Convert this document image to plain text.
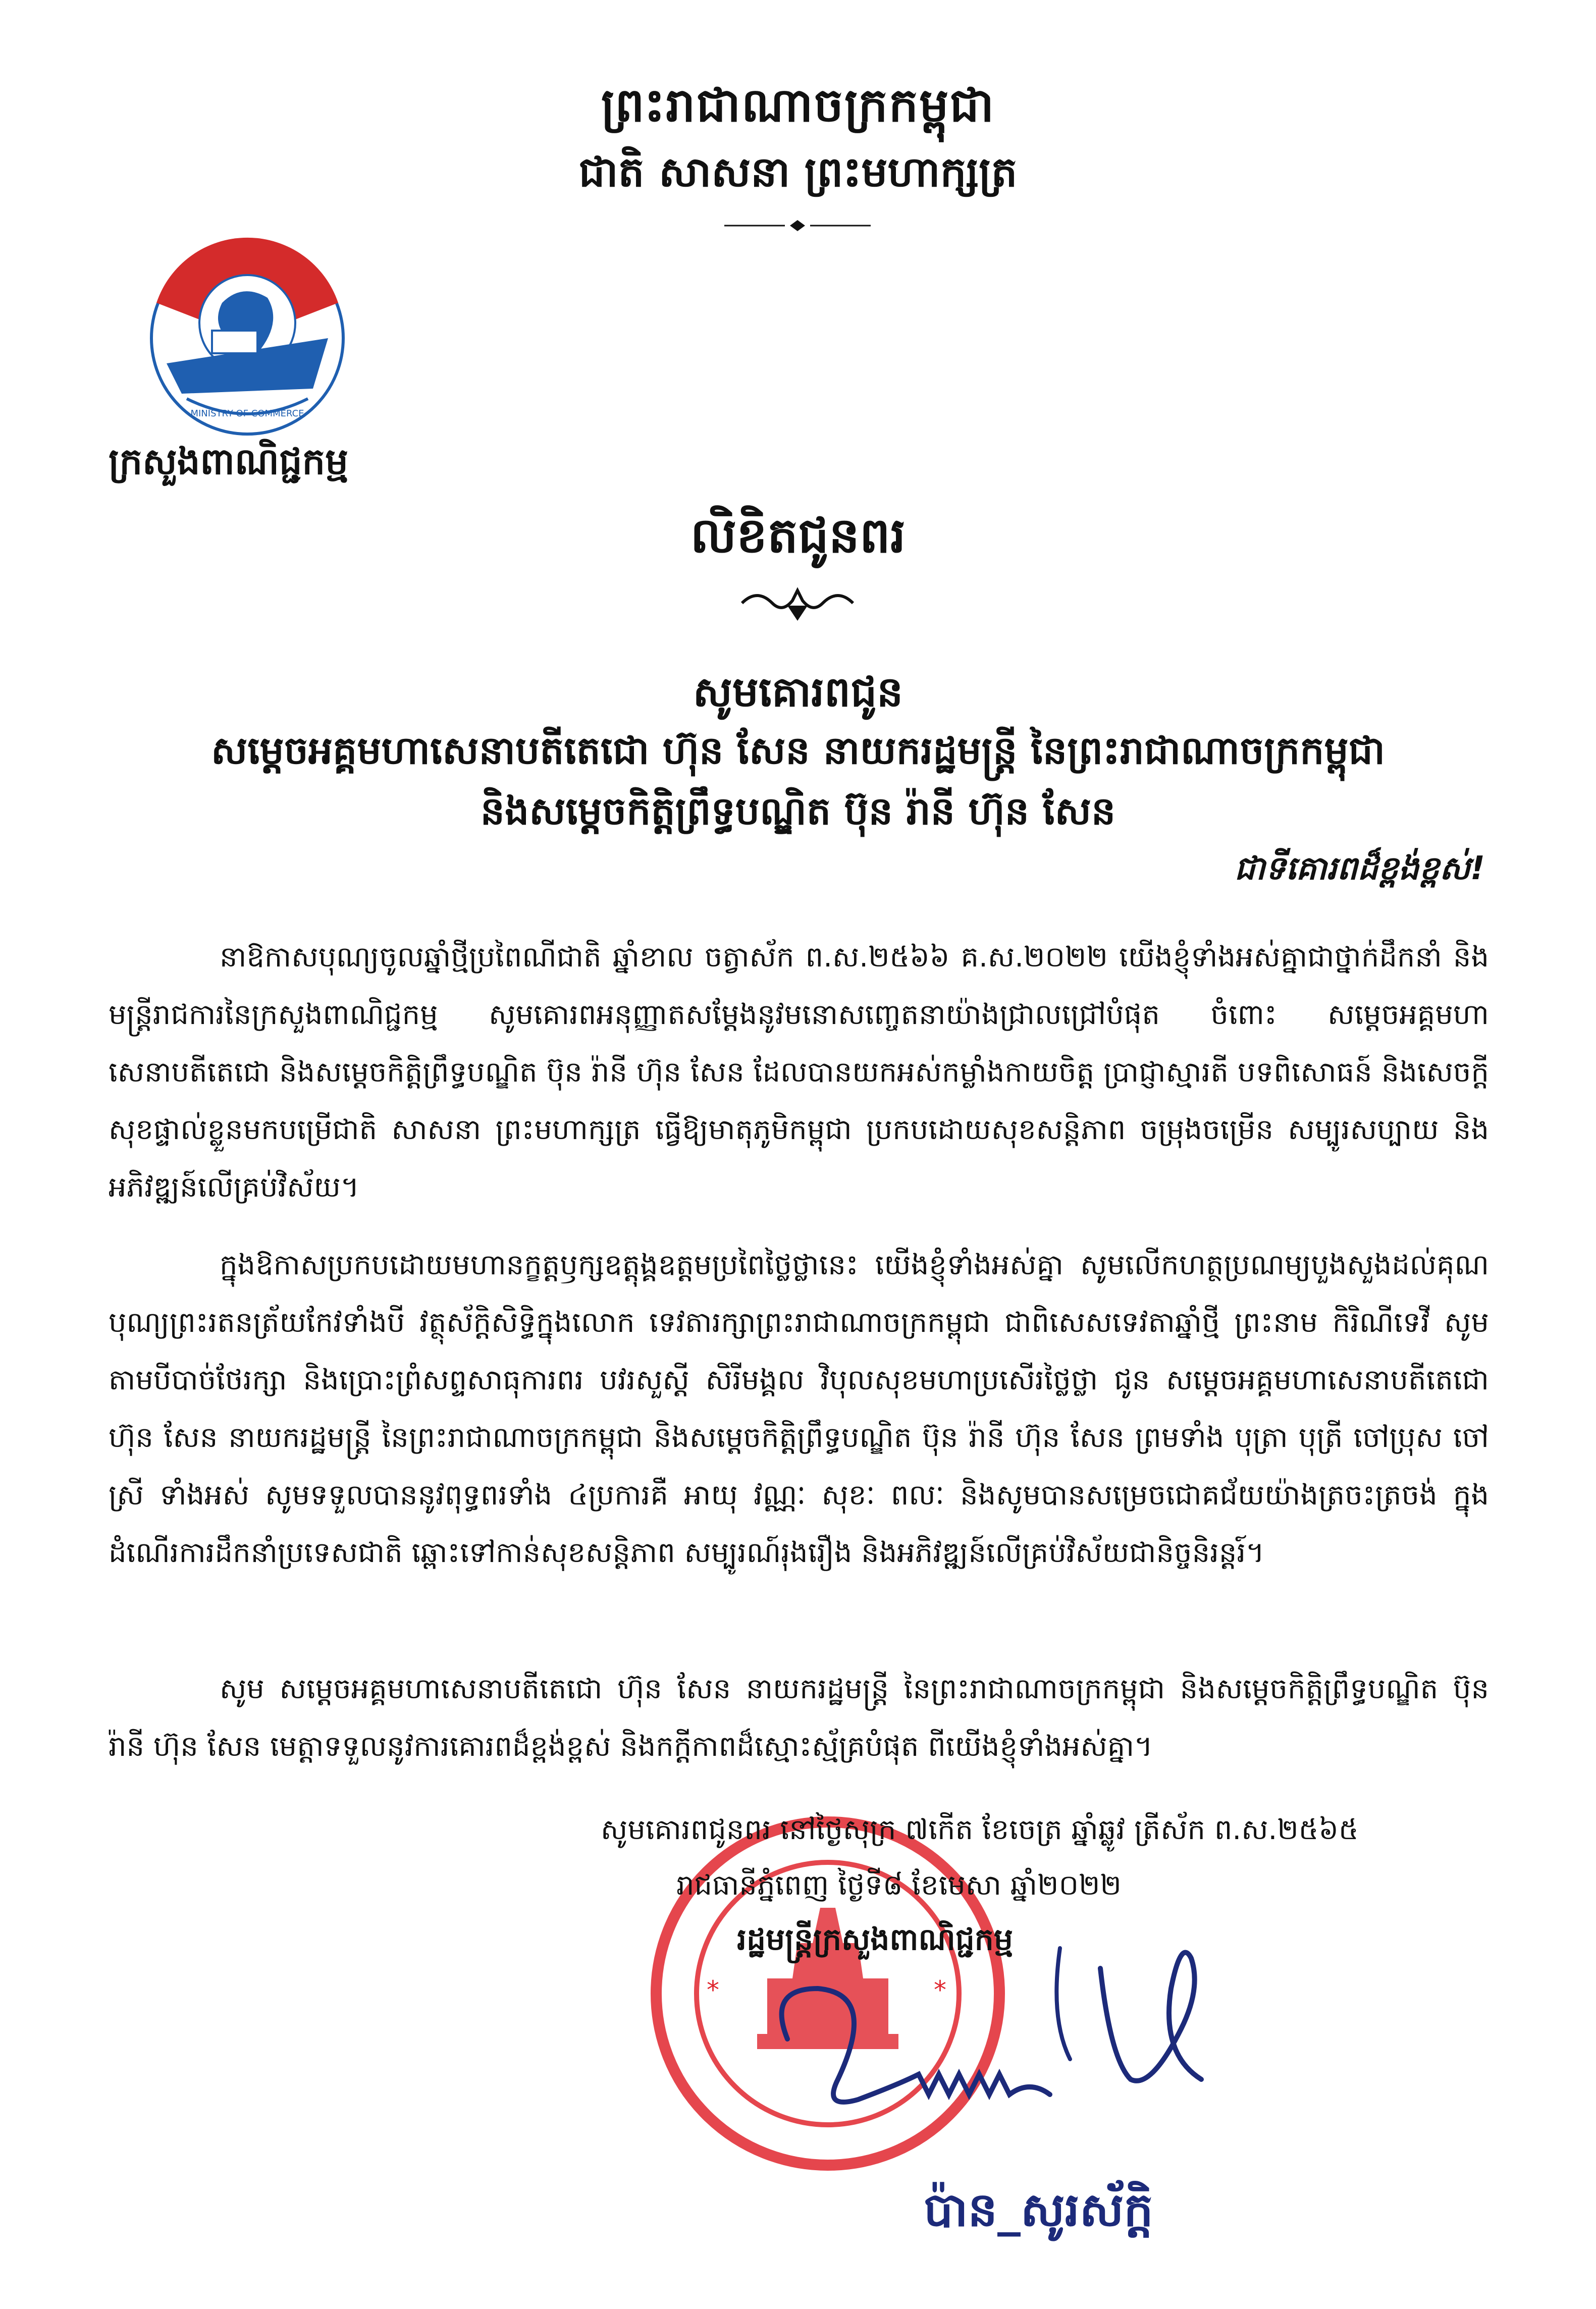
ព្រះរាជាណាចក្រកម្ពុជា
ជាតិ សាសនា ព្រះមហាក្សត្រ
MINISTRY OF COMMERCE
ក្រសួងពាណិជ្ជកម្ម
លិខិតជូនពរ
សូមគោរពជូន
សម្តេចអគ្គមហាសេនាបតីតេជោ ហ៊ុន សែន នាយករដ្ឋមន្ត្រី នៃព្រះរាជាណាចក្រកម្ពុជា
និងសម្តេចកិត្តិព្រឹទ្ធបណ្ឌិត ប៊ុន រ៉ានី ហ៊ុន សែន
ជាទីគោរពដ៏ខ្ពង់ខ្ពស់!
នាឱកាសបុណ្យចូលឆ្នាំថ្មីប្រពៃណីជាតិ ឆ្នាំខាល ចត្វាស័ក ព.ស.២៥៦៦ គ.ស.២០២២ យើងខ្ញុំទាំងអស់គ្នាជាថ្នាក់ដឹកនាំ និងមន្ត្រីរាជការនៃក្រសួងពាណិជ្ជកម្ម សូមគោរពអនុញ្ញាតសម្តែងនូវមនោសញ្ចេតនាយ៉ាងជ្រាលជ្រៅបំផុត ចំពោះ សម្តេចអគ្គមហាសេនាបតីតេជោ និងសម្តេចកិត្តិព្រឹទ្ធបណ្ឌិត ប៊ុន រ៉ានី ហ៊ុន សែន ដែលបានយកអស់កម្លាំងកាយចិត្ត ប្រាជ្ញាស្មារតី បទពិសោធន៍ និងសេចក្តីសុខផ្ទាល់ខ្លួនមកបម្រើជាតិ សាសនា ព្រះមហាក្សត្រ ធ្វើឱ្យមាតុភូមិកម្ពុជា ប្រកបដោយសុខសន្តិភាព ចម្រុងចម្រើន សម្បូរសប្បាយ និងអភិវឌ្ឍន៍លើគ្រប់វិស័យ។
ក្នុងឱកាសប្រកបដោយមហានក្ខត្តឫក្សឧត្តុង្គឧត្តមប្រពៃថ្លៃថ្លានេះ យើងខ្ញុំទាំងអស់គ្នា សូមលើកហត្ថប្រណម្យបួងសួងដល់គុណបុណ្យព្រះរតនត្រ័យកែវទាំងបី វត្ថុស័ក្តិសិទ្ធិក្នុងលោក ទេវតារក្សាព្រះរាជាណាចក្រកម្ពុជា ជាពិសេសទេវតាឆ្នាំថ្មី ព្រះនាម កិរិណីទេវី សូមតាមបីបាច់ថែរក្សា និងប្រោះព្រំសព្ទសាធុការពរ បវរសួស្តី សិរីមង្គល វិបុលសុខមហាប្រសើរថ្លៃថ្លា ជូន សម្តេចអគ្គមហាសេនាបតីតេជោ ហ៊ុន សែន នាយករដ្ឋមន្ត្រី នៃព្រះរាជាណាចក្រកម្ពុជា និងសម្តេចកិត្តិព្រឹទ្ធបណ្ឌិត ប៊ុន រ៉ានី ហ៊ុន សែន ព្រមទាំង បុត្រា បុត្រី ចៅប្រុស ចៅស្រី ទាំងអស់ សូមទទួលបាននូវពុទ្ធពរទាំង ៤ប្រការគឺ អាយុ វណ្ណៈ សុខៈ ពលៈ និងសូមបានសម្រេចជោគជ័យយ៉ាងត្រចះត្រចង់ ក្នុងដំណើរការដឹកនាំប្រទេសជាតិ ឆ្ពោះទៅកាន់សុខសន្តិភាព សម្បូរណ៍រុងរឿង និងអភិវឌ្ឍន៍លើគ្រប់វិស័យជានិច្ចនិរន្តរ៍។
សូម សម្តេចអគ្គមហាសេនាបតីតេជោ ហ៊ុន សែន នាយករដ្ឋមន្ត្រី នៃព្រះរាជាណាចក្រកម្ពុជា និងសម្តេចកិត្តិព្រឹទ្ធបណ្ឌិត ប៊ុន រ៉ានី ហ៊ុន សែន មេត្តាទទួលនូវការគោរពដ៏ខ្ពង់ខ្ពស់ និងកក្តីកាពដ៏ស្មោះស្ម័គ្របំផុត ពីយើងខ្ញុំទាំងអស់គ្នា។
*	*
សូមគោរពជូនពរ នៅថ្ងៃសុក្រ ៧កើត ខែចេត្រ ឆ្នាំឆ្លូវ ត្រីស័ក ព.ស.២៥៦៥
រាជធានីភ្នំពេញ ថ្ងៃទី៨ ខែមេសា ឆ្នាំ២០២២
រដ្ឋមន្ត្រីក្រសួងពាណិជ្ជកម្ម
ប៉ាន_សូរស័ក្តិ
